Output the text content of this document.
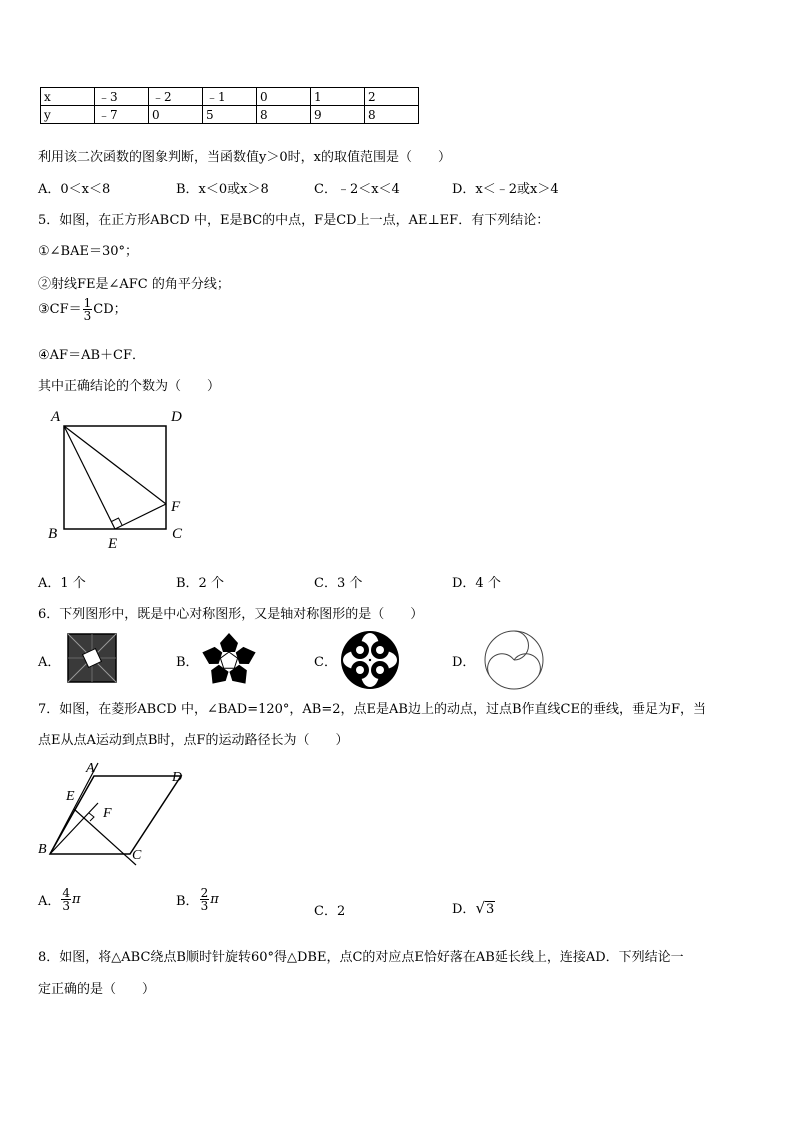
x	﹣3	﹣2	﹣1	0	1	2
y	﹣7	0	5	8	9	8
利用该二次函数的图象判断，当函数值y＞0时，x的取值范围是（　　）
A．0＜x＜8	B．x＜0或x＞8	C．﹣2＜x＜4	D．x＜﹣2或x＞4
5．如图，在正方形ABCD 中，E是BC的中点，F是CD上一点，AE⊥EF．有下列结论：
①∠BAE＝30°；
②射线FE是∠AFC 的角平分线；
③CF＝ $\frac{1}{3}$ CD；
④AF＝AB＋CF．
其中正确结论的个数为（　　）
A	D
B	C
E
F
A．1 个	B．2 个	C．3 个	D．4 个
6．下列图形中，既是中心对称图形，又是轴对称图形的是（　　）
A．	B．	C．	D．
7．如图，在菱形ABCD 中，∠BAD=120°，AB=2，点E是AB边上的动点，过点B作直线CE的垂线，垂足为F，当
点E从点A运动到点B时，点F的运动路径长为（　　）
A
D
E
F
B	C
A． $\frac{4}{3}$ π	B． $\frac{2}{3}$ π
C．2	D．√3
8．如图，将△ABC绕点B顺时针旋转60°得△DBE，点C的对应点E恰好落在AB延长线上，连接AD．下列结论一
定正确的是（　　）
